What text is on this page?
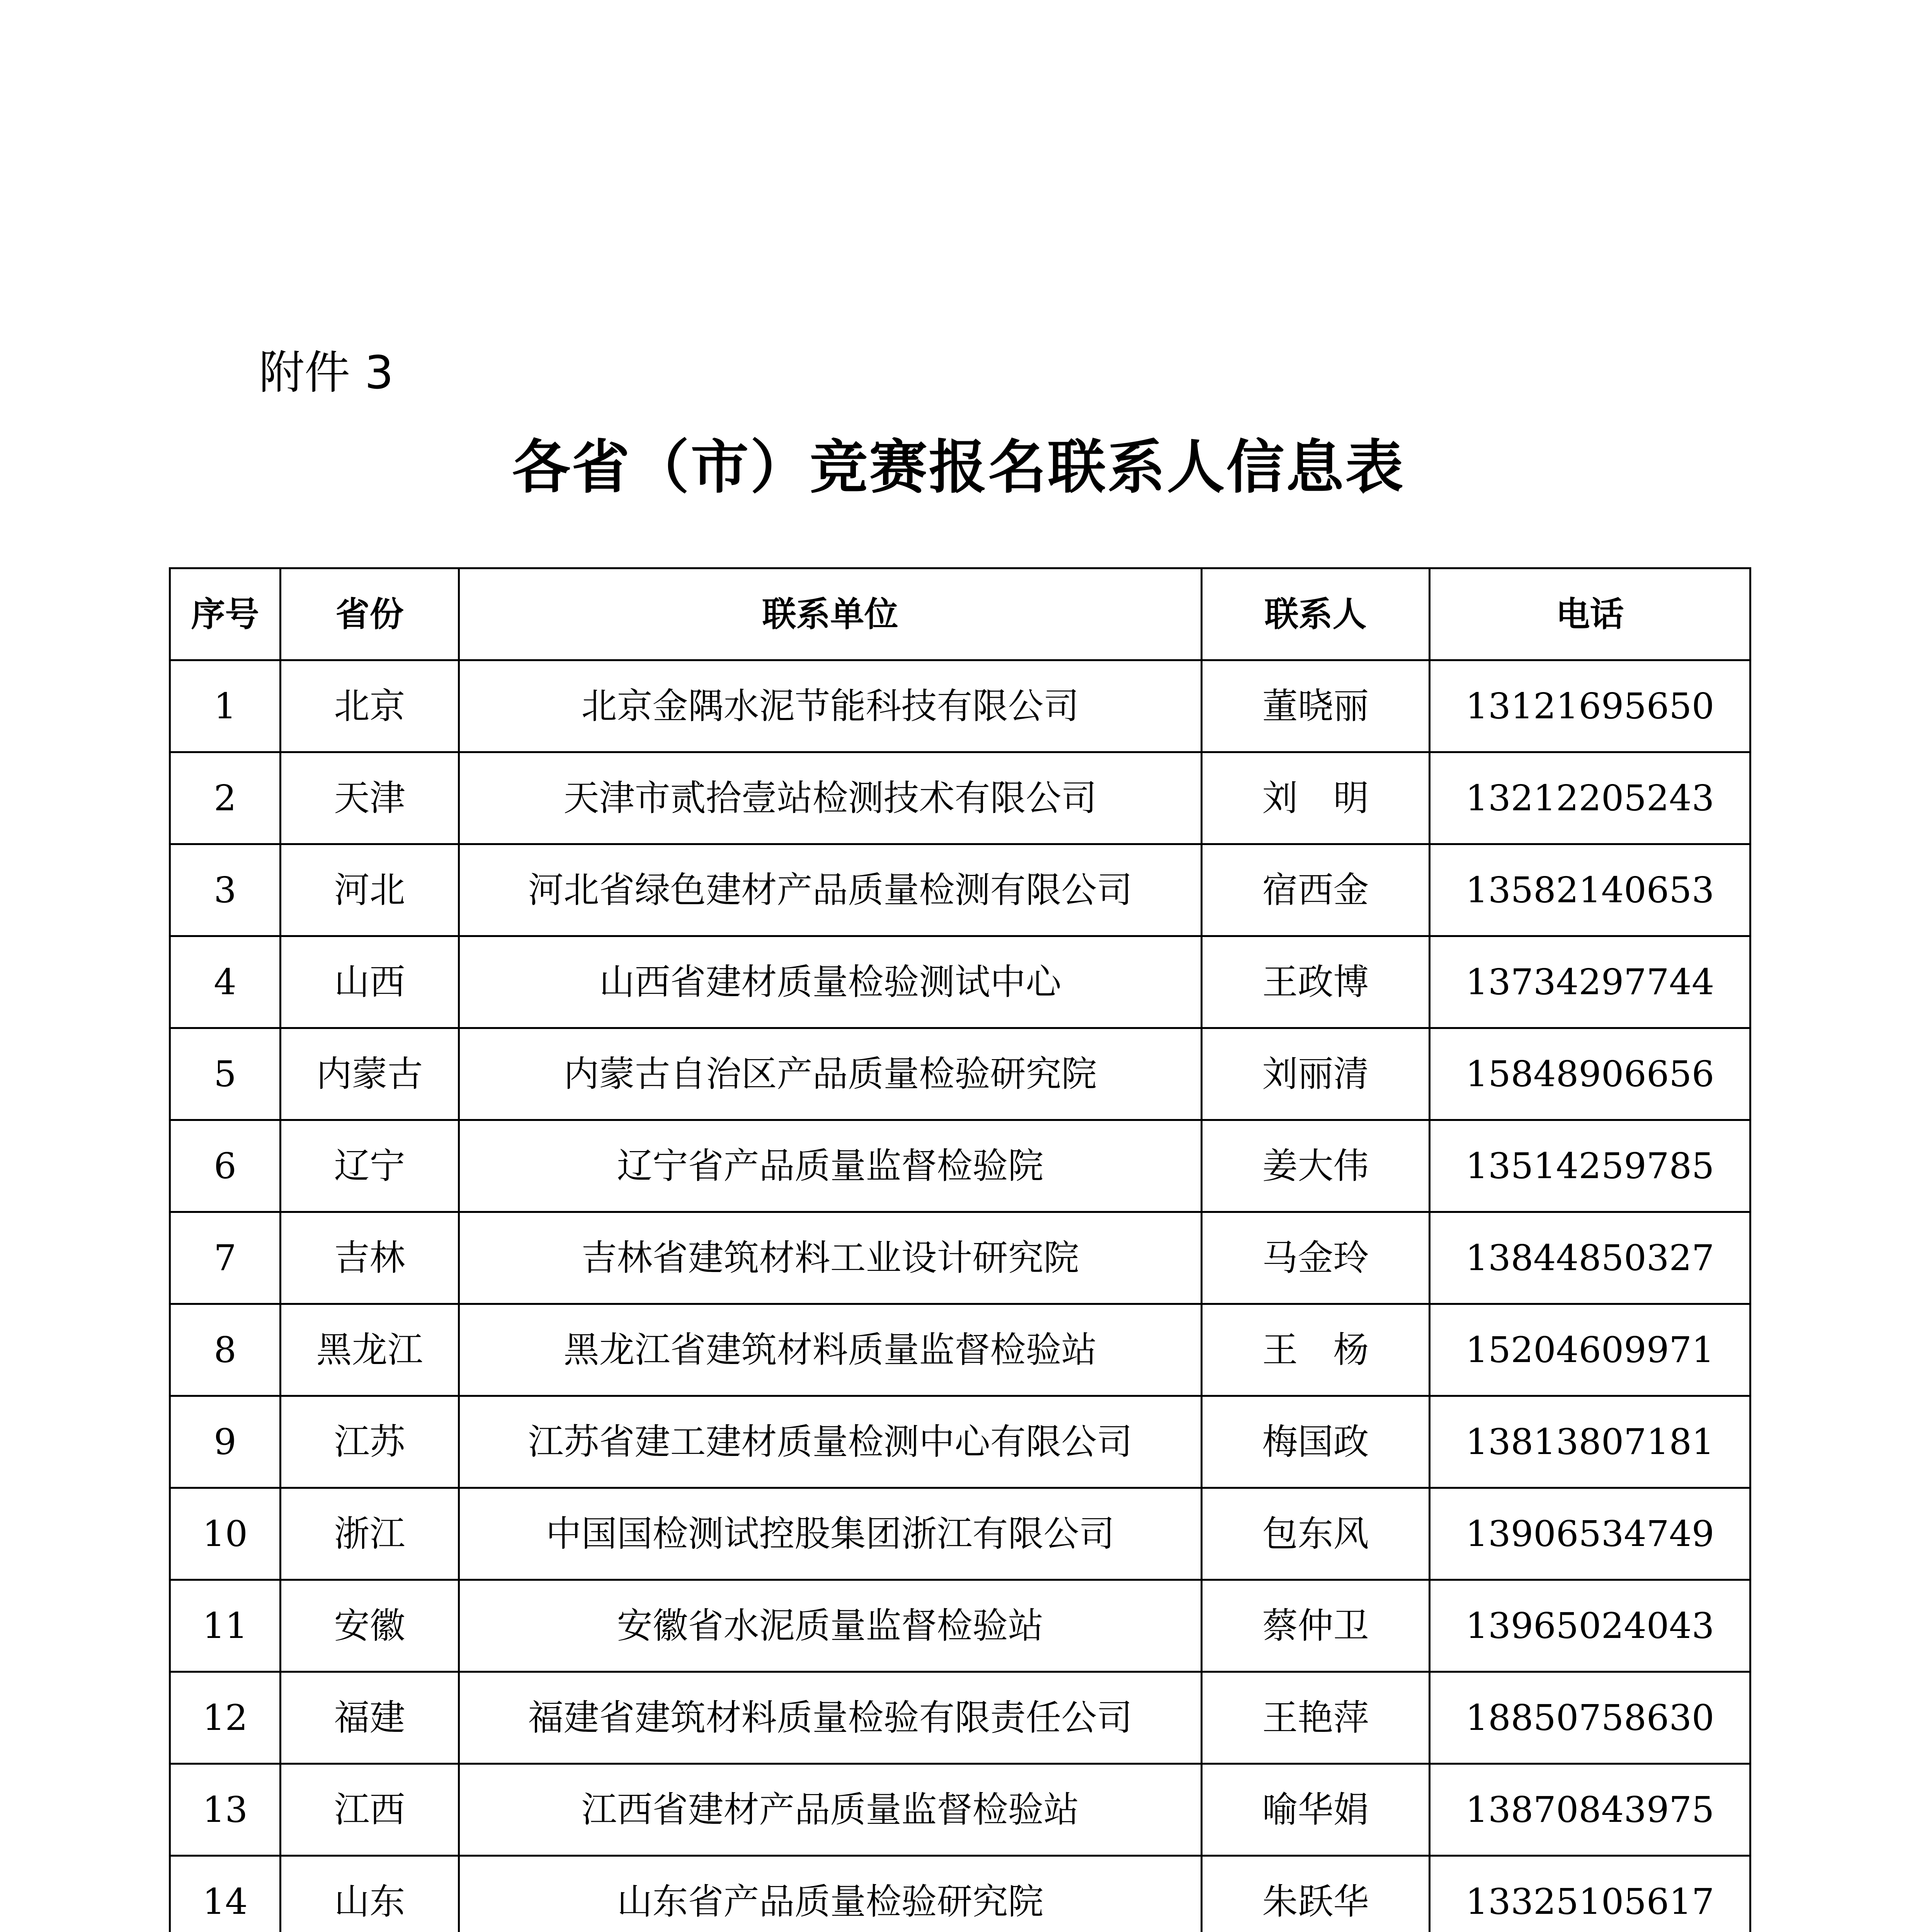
附件 3
各省（市）竞赛报名联系人信息表
序号	省份	联系单位	联系人	电话
1	北京	北京金隅水泥节能科技有限公司	董晓丽	13121695650
2	天津	天津市贰拾壹站检测技术有限公司	刘　明	13212205243
3	河北	河北省绿色建材产品质量检测有限公司	宿西金	13582140653
4	山西	山西省建材质量检验测试中心	王政博	13734297744
5	内蒙古	内蒙古自治区产品质量检验研究院	刘丽清	15848906656
6	辽宁	辽宁省产品质量监督检验院	姜大伟	13514259785
7	吉林	吉林省建筑材料工业设计研究院	马金玲	13844850327
8	黑龙江	黑龙江省建筑材料质量监督检验站	王　杨	15204609971
9	江苏	江苏省建工建材质量检测中心有限公司	梅国政	13813807181
10	浙江	中国国检测试控股集团浙江有限公司	包东风	13906534749
11	安徽	安徽省水泥质量监督检验站	蔡仲卫	13965024043
12	福建	福建省建筑材料质量检验有限责任公司	王艳萍	18850758630
13	江西	江西省建材产品质量监督检验站	喻华娟	13870843975
14	山东	山东省产品质量检验研究院	朱跃华	13325105617
